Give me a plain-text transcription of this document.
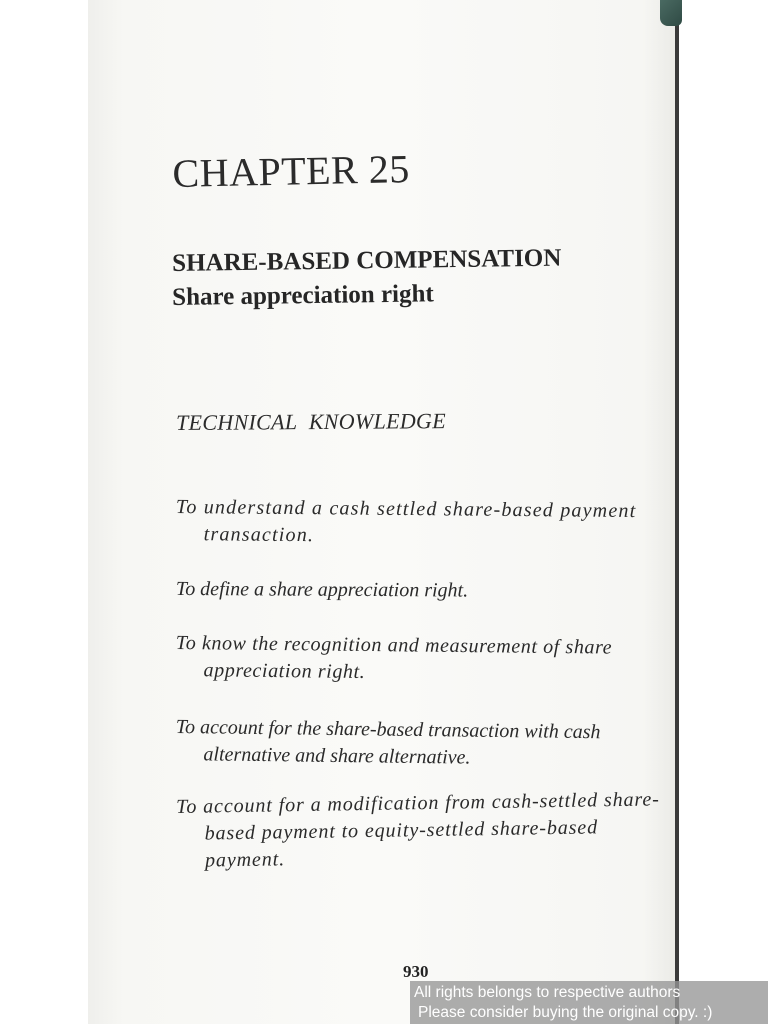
CHAPTER 25
SHARE-BASED COMPENSATION
Share appreciation right

TECHNICAL KNOWLEDGE

To understand a cash settled share-based payment transaction.
To define a share appreciation right.
To know the recognition and measurement of share appreciation right.
To account for the share-based transaction with cash alternative and share alternative.
To account for a modification from cash-settled share-based payment to equity-settled share-based payment.

930

All rights belongs to respective authors
Please consider buying the original copy. :)
